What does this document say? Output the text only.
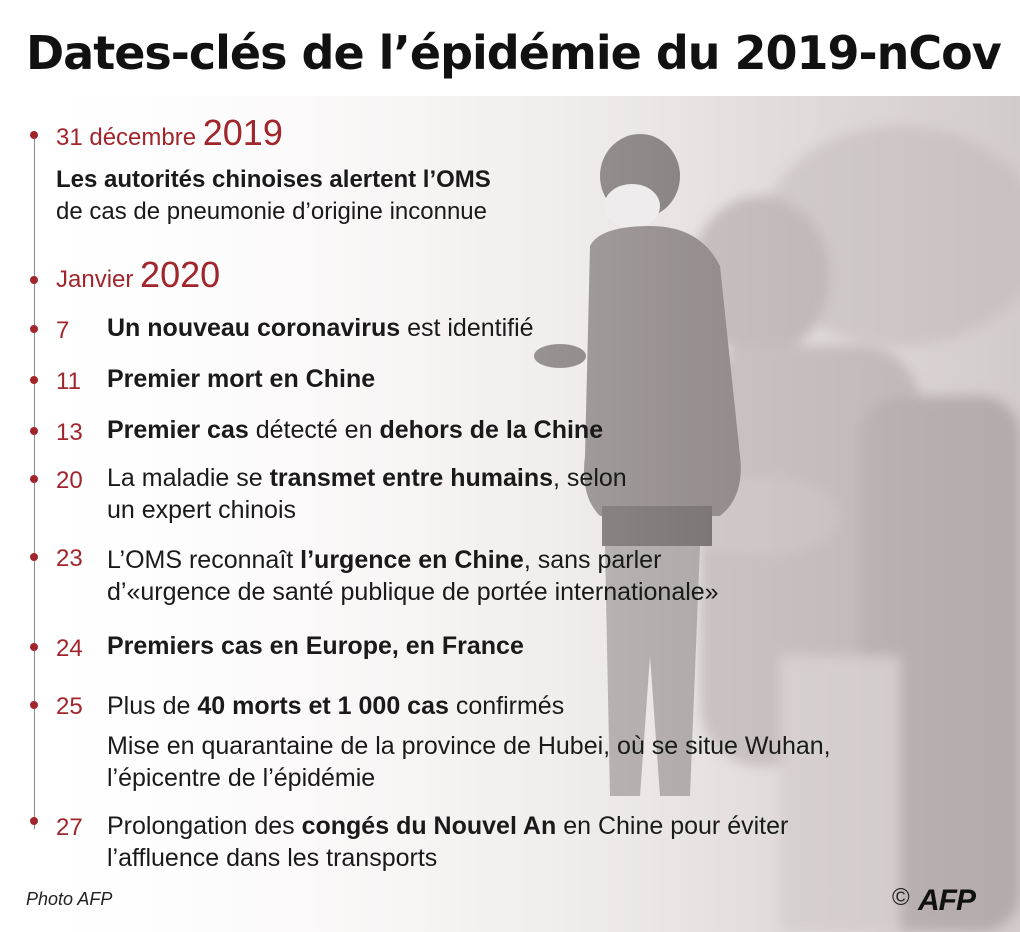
Dates-clés de l’épidémie du 2019-nCov
31 décembre 2019
Les autorités chinoises alertent l’OMS
de cas de pneumonie d’origine inconnue
Janvier 2020
7 Un nouveau coronavirus est identifié
11 Premier mort en Chine
13 Premier cas détecté en dehors de la Chine
20 La maladie se transmet entre humains, selon
un expert chinois
23 L’OMS reconnaît l’urgence en Chine, sans parler
d’«urgence de santé publique de portée internationale»
24 Premiers cas en Europe, en France
25 Plus de 40 morts et 1 000 cas confirmés
Mise en quarantaine de la province de Hubei, où se situe Wuhan,
l’épicentre de l’épidémie
27 Prolongation des congés du Nouvel An en Chine pour éviter
l’affluence dans les transports
Photo AFP	© AFP
